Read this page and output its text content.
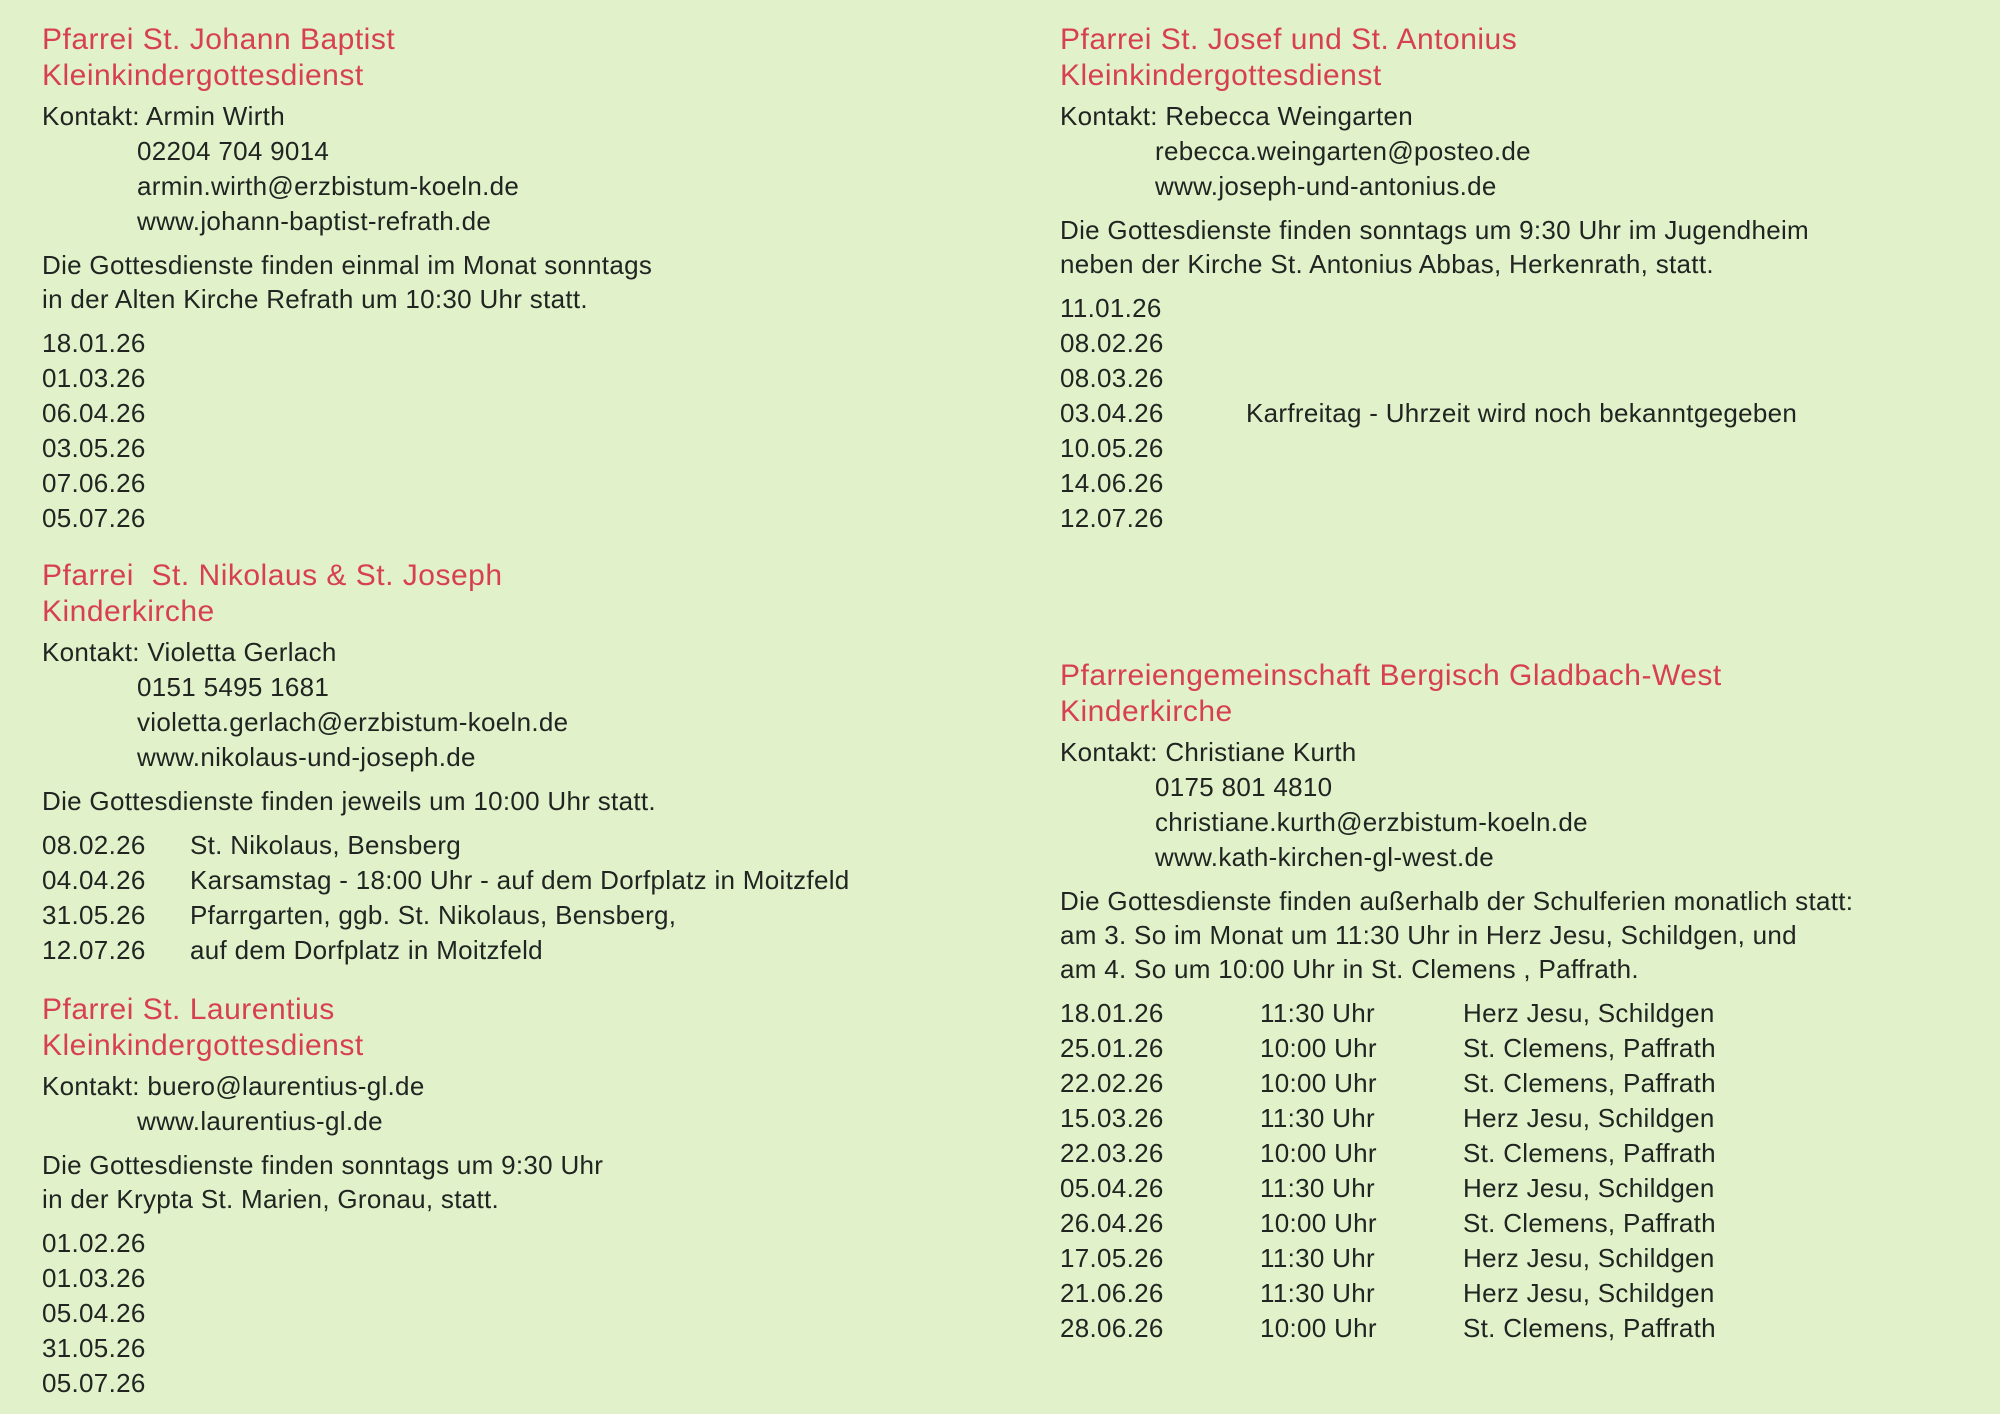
Pfarrei St. Johann Baptist
Kleinkindergottesdienst
Kontakt: Armin Wirth
02204 704 9014
armin.wirth@erzbistum-koeln.de
www.johann-baptist-refrath.de
Die Gottesdienste finden einmal im Monat sonntags
in der Alten Kirche Refrath um 10:30 Uhr statt.
18.01.26
01.03.26
06.04.26
03.05.26
07.06.26
05.07.26
Pfarrei  St. Nikolaus & St. Joseph
Kinderkirche
Kontakt: Violetta Gerlach
0151 5495 1681
violetta.gerlach@erzbistum-koeln.de
www.nikolaus-und-joseph.de
Die Gottesdienste finden jeweils um 10:00 Uhr statt.
08.02.26	St. Nikolaus, Bensberg
04.04.26	Karsamstag - 18:00 Uhr - auf dem Dorfplatz in Moitzfeld
31.05.26	Pfarrgarten, ggb. St. Nikolaus, Bensberg,
12.07.26	auf dem Dorfplatz in Moitzfeld
Pfarrei St. Laurentius
Kleinkindergottesdienst
Kontakt: buero@laurentius-gl.de
www.laurentius-gl.de
Die Gottesdienste finden sonntags um 9:30 Uhr
in der Krypta St. Marien, Gronau, statt.
01.02.26
01.03.26
05.04.26
31.05.26
05.07.26
Pfarrei St. Josef und St. Antonius
Kleinkindergottesdienst
Kontakt: Rebecca Weingarten
rebecca.weingarten@posteo.de
www.joseph-und-antonius.de
Die Gottesdienste finden sonntags um 9:30 Uhr im Jugendheim
neben der Kirche St. Antonius Abbas, Herkenrath, statt.
11.01.26
08.02.26
08.03.26
03.04.26	Karfreitag - Uhrzeit wird noch bekanntgegeben
10.05.26
14.06.26
12.07.26
Pfarreiengemeinschaft Bergisch Gladbach-West
Kinderkirche
Kontakt: Christiane Kurth
0175 801 4810
christiane.kurth@erzbistum-koeln.de
www.kath-kirchen-gl-west.de
Die Gottesdienste finden außerhalb der Schulferien monatlich statt:
am 3. So im Monat um 11:30 Uhr in Herz Jesu, Schildgen, und
am 4. So um 10:00 Uhr in St. Clemens , Paffrath.
18.01.26	11:30 Uhr	Herz Jesu, Schildgen
25.01.26	10:00 Uhr	St. Clemens, Paffrath
22.02.26	10:00 Uhr	St. Clemens, Paffrath
15.03.26	11:30 Uhr	Herz Jesu, Schildgen
22.03.26	10:00 Uhr	St. Clemens, Paffrath
05.04.26	11:30 Uhr	Herz Jesu, Schildgen
26.04.26	10:00 Uhr	St. Clemens, Paffrath
17.05.26	11:30 Uhr	Herz Jesu, Schildgen
21.06.26	11:30 Uhr	Herz Jesu, Schildgen
28.06.26	10:00 Uhr	St. Clemens, Paffrath
